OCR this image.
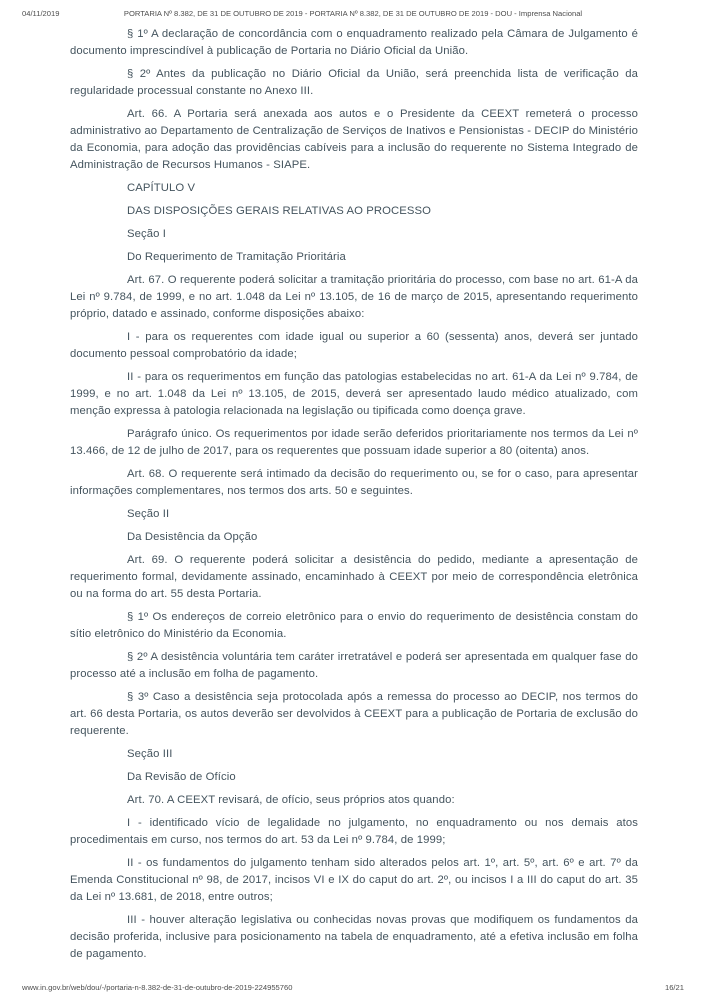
04/11/2019	PORTARIA Nº 8.382, DE 31 DE OUTUBRO DE 2019 - PORTARIA Nº 8.382, DE 31 DE OUTUBRO DE 2019 - DOU - Imprensa Nacional

§ 1º A declaração de concordância com o enquadramento realizado pela Câmara de Julgamento é documento imprescindível à publicação de Portaria no Diário Oficial da União.

§ 2º Antes da publicação no Diário Oficial da União, será preenchida lista de verificação da regularidade processual constante no Anexo III.

Art. 66. A Portaria será anexada aos autos e o Presidente da CEEXT remeterá o processo administrativo ao Departamento de Centralização de Serviços de Inativos e Pensionistas - DECIP do Ministério da Economia, para adoção das providências cabíveis para a inclusão do requerente no Sistema Integrado de Administração de Recursos Humanos - SIAPE.

CAPÍTULO V

DAS DISPOSIÇÕES GERAIS RELATIVAS AO PROCESSO

Seção I

Do Requerimento de Tramitação Prioritária

Art. 67. O requerente poderá solicitar a tramitação prioritária do processo, com base no art. 61-A da Lei nº 9.784, de 1999, e no art. 1.048 da Lei nº 13.105, de 16 de março de 2015, apresentando requerimento próprio, datado e assinado, conforme disposições abaixo:

I - para os requerentes com idade igual ou superior a 60 (sessenta) anos, deverá ser juntado documento pessoal comprobatório da idade;

II - para os requerimentos em função das patologias estabelecidas no art. 61-A da Lei nº 9.784, de 1999, e no art. 1.048 da Lei nº 13.105, de 2015, deverá ser apresentado laudo médico atualizado, com menção expressa à patologia relacionada na legislação ou tipificada como doença grave.

Parágrafo único. Os requerimentos por idade serão deferidos prioritariamente nos termos da Lei nº 13.466, de 12 de julho de 2017, para os requerentes que possuam idade superior a 80 (oitenta) anos.

Art. 68. O requerente será intimado da decisão do requerimento ou, se for o caso, para apresentar informações complementares, nos termos dos arts. 50 e seguintes.

Seção II

Da Desistência da Opção

Art. 69. O requerente poderá solicitar a desistência do pedido, mediante a apresentação de requerimento formal, devidamente assinado, encaminhado à CEEXT por meio de correspondência eletrônica ou na forma do art. 55 desta Portaria.

§ 1º Os endereços de correio eletrônico para o envio do requerimento de desistência constam do sítio eletrônico do Ministério da Economia.

§ 2º A desistência voluntária tem caráter irretratável e poderá ser apresentada em qualquer fase do processo até a inclusão em folha de pagamento.

§ 3º Caso a desistência seja protocolada após a remessa do processo ao DECIP, nos termos do art. 66 desta Portaria, os autos deverão ser devolvidos à CEEXT para a publicação de Portaria de exclusão do requerente.

Seção III

Da Revisão de Ofício

Art. 70. A CEEXT revisará, de ofício, seus próprios atos quando:

I - identificado vício de legalidade no julgamento, no enquadramento ou nos demais atos procedimentais em curso, nos termos do art. 53 da Lei nº 9.784, de 1999;

II - os fundamentos do julgamento tenham sido alterados pelos art. 1º, art. 5º, art. 6º e art. 7º da Emenda Constitucional nº 98, de 2017, incisos VI e IX do caput do art. 2º, ou incisos I a III do caput do art. 35 da Lei nº 13.681, de 2018, entre outros;

III - houver alteração legislativa ou conhecidas novas provas que modifiquem os fundamentos da decisão proferida, inclusive para posicionamento na tabela de enquadramento, até a efetiva inclusão em folha de pagamento.

www.in.gov.br/web/dou/-/portaria-n-8.382-de-31-de-outubro-de-2019-224955760	16/21
